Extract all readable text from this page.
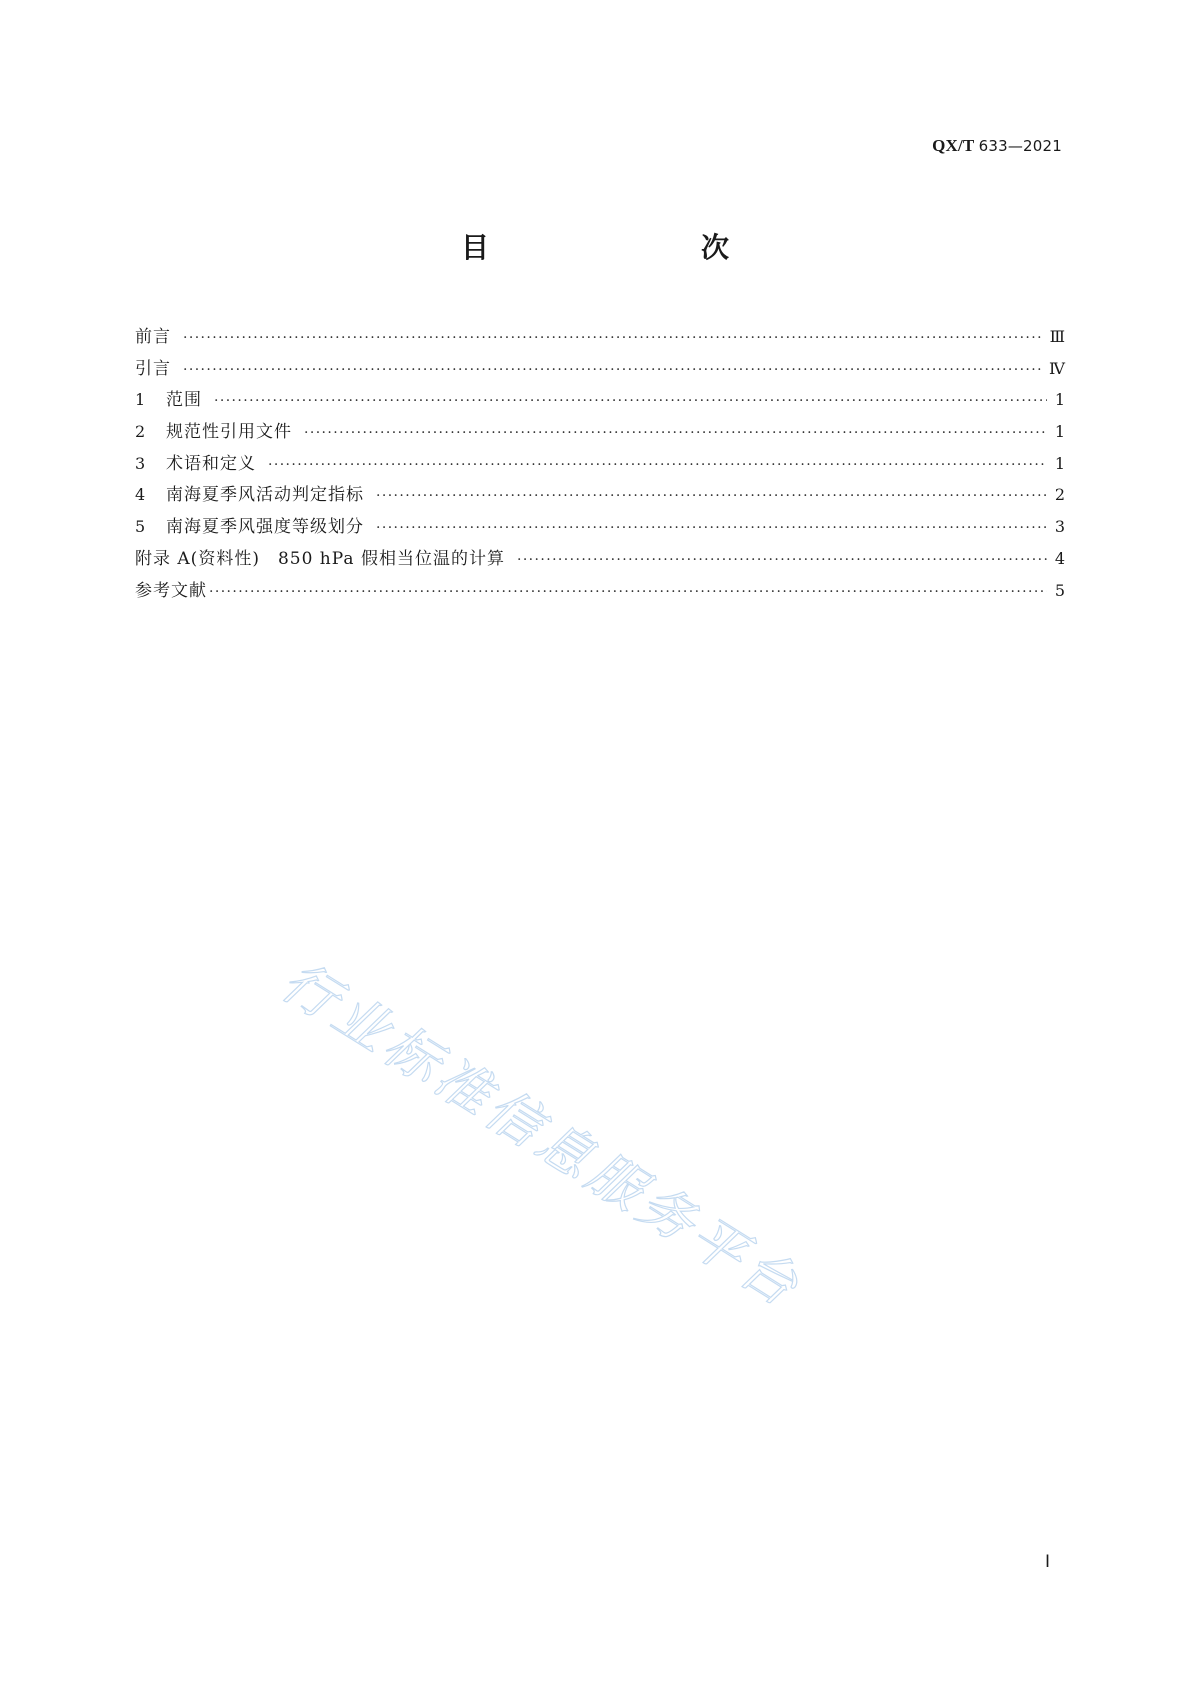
QX/T 633—2021
目　　次
前言 ·····	Ⅲ
引言 ·····	Ⅳ
1	范围 ·····	1
2	规范性引用文件 ·····	1
3	术语和定义 ·····	1
4	南海夏季风活动判定指标 ·····	2
5	南海夏季风强度等级划分 ·····	3
附录 A(资料性)　850 hPa 假相当位温的计算 ·····	4
参考文献 ·····	5
行业标准信息服务平台
Ⅰ
